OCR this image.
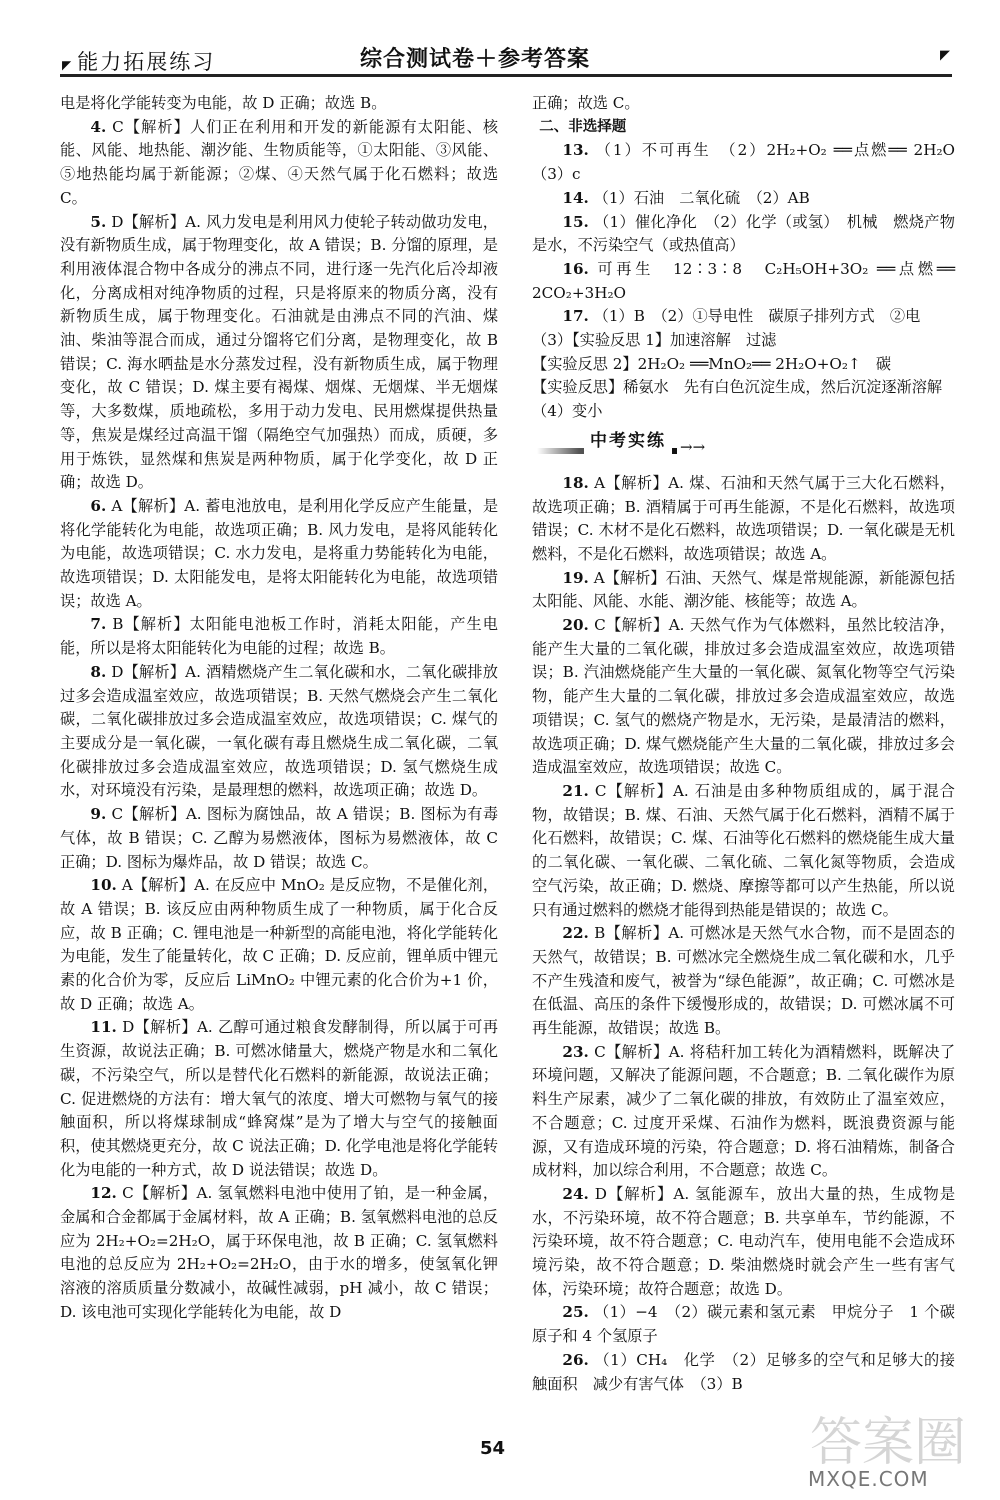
◤ 能力拓展练习	综合测试卷＋参考答案	◤

电是将化学能转变为电能，故 D 正确；故选 B。

4. C【解析】人们正在利用和开发的新能源有太阳能、核能、风能、地热能、潮汐能、生物质能等，①太阳能、③风能、⑤地热能均属于新能源；②煤、④天然气属于化石燃料；故选 C。

5. D【解析】A. 风力发电是利用风力使轮子转动做功发电，没有新物质生成，属于物理变化，故 A 错误；B. 分馏的原理，是利用液体混合物中各成分的沸点不同，进行逐一先汽化后冷却液化，分离成相对纯净物质的过程，只是将原来的物质分离，没有新物质生成，属于物理变化。石油就是由沸点不同的汽油、煤油、柴油等混合而成，通过分馏将它们分离，是物理变化，故 B 错误；C. 海水晒盐是水分蒸发过程，没有新物质生成，属于物理变化，故 C 错误；D. 煤主要有褐煤、烟煤、无烟煤、半无烟煤等，大多数煤，质地疏松，多用于动力发电、民用燃煤提供热量等，焦炭是煤经过高温干馏（隔绝空气加强热）而成，质硬，多用于炼铁，显然煤和焦炭是两种物质，属于化学变化，故 D 正确；故选 D。

6. A【解析】A. 蓄电池放电，是利用化学反应产生能量，是将化学能转化为电能，故选项正确；B. 风力发电，是将风能转化为电能，故选项错误；C. 水力发电，是将重力势能转化为电能，故选项错误；D. 太阳能发电，是将太阳能转化为电能，故选项错误；故选 A。

7. B【解析】太阳能电池板工作时，消耗太阳能，产生电能，所以是将太阳能转化为电能的过程；故选 B。

8. D【解析】A. 酒精燃烧产生二氧化碳和水，二氧化碳排放过多会造成温室效应，故选项错误；B. 天然气燃烧会产生二氧化碳，二氧化碳排放过多会造成温室效应，故选项错误；C. 煤气的主要成分是一氧化碳，一氧化碳有毒且燃烧生成二氧化碳，二氧化碳排放过多会造成温室效应，故选项错误；D. 氢气燃烧生成水，对环境没有污染，是最理想的燃料，故选项正确；故选 D。

9. C【解析】A. 图标为腐蚀品，故 A 错误；B. 图标为有毒气体，故 B 错误；C. 乙醇为易燃液体，图标为易燃液体，故 C 正确；D. 图标为爆炸品，故 D 错误；故选 C。

10. A【解析】A. 在反应中 MnO₂ 是反应物，不是催化剂，故 A 错误；B. 该反应由两种物质生成了一种物质，属于化合反应，故 B 正确；C. 锂电池是一种新型的高能电池，将化学能转化为电能，发生了能量转化，故 C 正确；D. 反应前，锂单质中锂元素的化合价为零，反应后 LiMnO₂ 中锂元素的化合价为+1 价，故 D 正确；故选 A。

11. D【解析】A. 乙醇可通过粮食发酵制得，所以属于可再生资源，故说法正确；B. 可燃冰储量大，燃烧产物是水和二氧化碳，不污染空气，所以是替代化石燃料的新能源，故说法正确；C. 促进燃烧的方法有：增大氧气的浓度、增大可燃物与氧气的接触面积，所以将煤球制成“蜂窝煤”是为了增大与空气的接触面积，使其燃烧更充分，故 C 说法正确；D. 化学电池是将化学能转化为电能的一种方式，故 D 说法错误；故选 D。

12. C【解析】A. 氢氧燃料电池中使用了铂，是一种金属，金属和合金都属于金属材料，故 A 正确；B. 氢氧燃料电池的总反应为 2H₂+O₂=2H₂O，属于环保电池，故 B 正确；C. 氢氧燃料电池的总反应为 2H₂+O₂=2H₂O，由于水的增多，使氢氧化钾溶液的溶质质量分数减小，故碱性减弱，pH 减小，故 C 错误；D. 该电池可实现化学能转化为电能，故 D

正确；故选 C。

二、非选择题

13. （1）不可再生　（2）2H₂+O₂ ══点燃══ 2H₂O　（3）c

14. （1）石油　二氧化硫　（2）AB

15. （1）催化净化　（2）化学（或氢）　机械　燃烧产物是水，不污染空气（或热值高）

16. 可再生　12∶3∶8　C₂H₅OH+3O₂ ══点燃══ 2CO₂+3H₂O

17. （1）B　（2）①导电性　碳原子排列方式　②电

（3）【实验反思 1】加速溶解　过滤

【实验反思 2】2H₂O₂ ══MnO₂══ 2H₂O+O₂↑　碳

【实验反思】稀氨水　先有白色沉淀生成，然后沉淀逐渐溶解

（4）变小

中考实练 →→

18. A【解析】A. 煤、石油和天然气属于三大化石燃料，故选项正确；B. 酒精属于可再生能源，不是化石燃料，故选项错误；C. 木材不是化石燃料，故选项错误；D. 一氧化碳是无机燃料，不是化石燃料，故选项错误；故选 A。

19. A【解析】石油、天然气、煤是常规能源，新能源包括太阳能、风能、水能、潮汐能、核能等；故选 A。

20. C【解析】A. 天然气作为气体燃料，虽然比较洁净，能产生大量的二氧化碳，排放过多会造成温室效应，故选项错误；B. 汽油燃烧能产生大量的一氧化碳、氮氧化物等空气污染物，能产生大量的二氧化碳，排放过多会造成温室效应，故选项错误；C. 氢气的燃烧产物是水，无污染，是最清洁的燃料，故选项正确；D. 煤气燃烧能产生大量的二氧化碳，排放过多会造成温室效应，故选项错误；故选 C。

21. C【解析】A. 石油是由多种物质组成的，属于混合物，故错误；B. 煤、石油、天然气属于化石燃料，酒精不属于化石燃料，故错误；C. 煤、石油等化石燃料的燃烧能生成大量的二氧化碳、一氧化碳、二氧化硫、二氧化氮等物质，会造成空气污染，故正确；D. 燃烧、摩擦等都可以产生热能，所以说只有通过燃料的燃烧才能得到热能是错误的；故选 C。

22. B【解析】A. 可燃冰是天然气水合物，而不是固态的天然气，故错误；B. 可燃冰完全燃烧生成二氧化碳和水，几乎不产生残渣和废气，被誉为“绿色能源”，故正确；C. 可燃冰是在低温、高压的条件下缓慢形成的，故错误；D. 可燃冰属不可再生能源，故错误；故选 B。

23. C【解析】A. 将秸秆加工转化为酒精燃料，既解决了环境问题，又解决了能源问题，不合题意；B. 二氧化碳作为原料生产尿素，减少了二氧化碳的排放，有效防止了温室效应，不合题意；C. 过度开采煤、石油作为燃料，既浪费资源与能源，又有造成环境的污染，符合题意；D. 将石油精炼，制备合成材料，加以综合利用，不合题意；故选 C。

24. D【解析】A. 氢能源车，放出大量的热，生成物是水，不污染环境，故不符合题意；B. 共享单车，节约能源，不污染环境，故不符合题意；C. 电动汽车，使用电能不会造成环境污染，故不符合题意；D. 柴油燃烧时就会产生一些有害气体，污染环境；故符合题意；故选 D。

25. （1）−4　（2）碳元素和氢元素　甲烷分子　1 个碳原子和 4 个氢原子

26. （1）CH₄　化学　（2）足够多的空气和足够大的接触面积　减少有害气体　（3）B

54	答案圈
MXQE.COM
